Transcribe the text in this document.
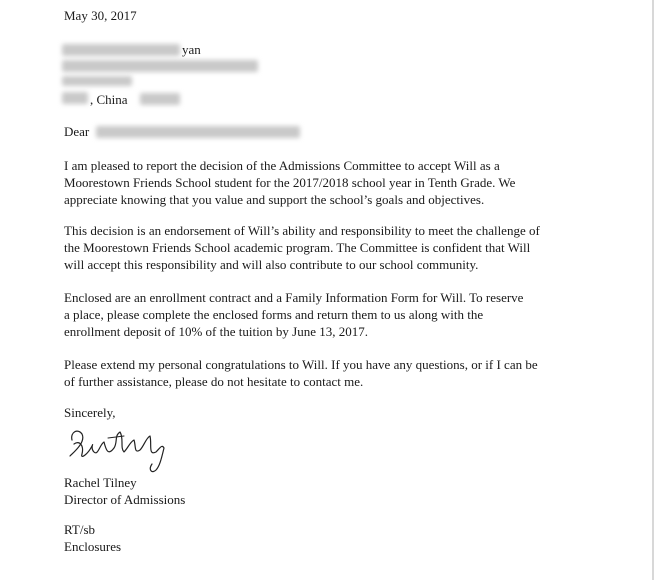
May 30, 2017
yan
, China
Dear

I am pleased to report the decision of the Admissions Committee to accept Will as a

Moorestown Friends School student for the 2017/2018 school year in Tenth Grade. We

appreciate knowing that you value and support the school’s goals and objectives.

This decision is an endorsement of Will’s ability and responsibility to meet the challenge of

the Moorestown Friends School academic program. The Committee is confident that Will

will accept this responsibility and will also contribute to our school community.

Enclosed are an enrollment contract and a Family Information Form for Will. To reserve

a place, please complete the enclosed forms and return them to us along with the

enrollment deposit of 10% of the tuition by June 13, 2017.

Please extend my personal congratulations to Will. If you have any questions, or if I can be

of further assistance, please do not hesitate to contact me.

Sincerely,
Rachel Tilney
Director of Admissions
RT/sb
Enclosures
